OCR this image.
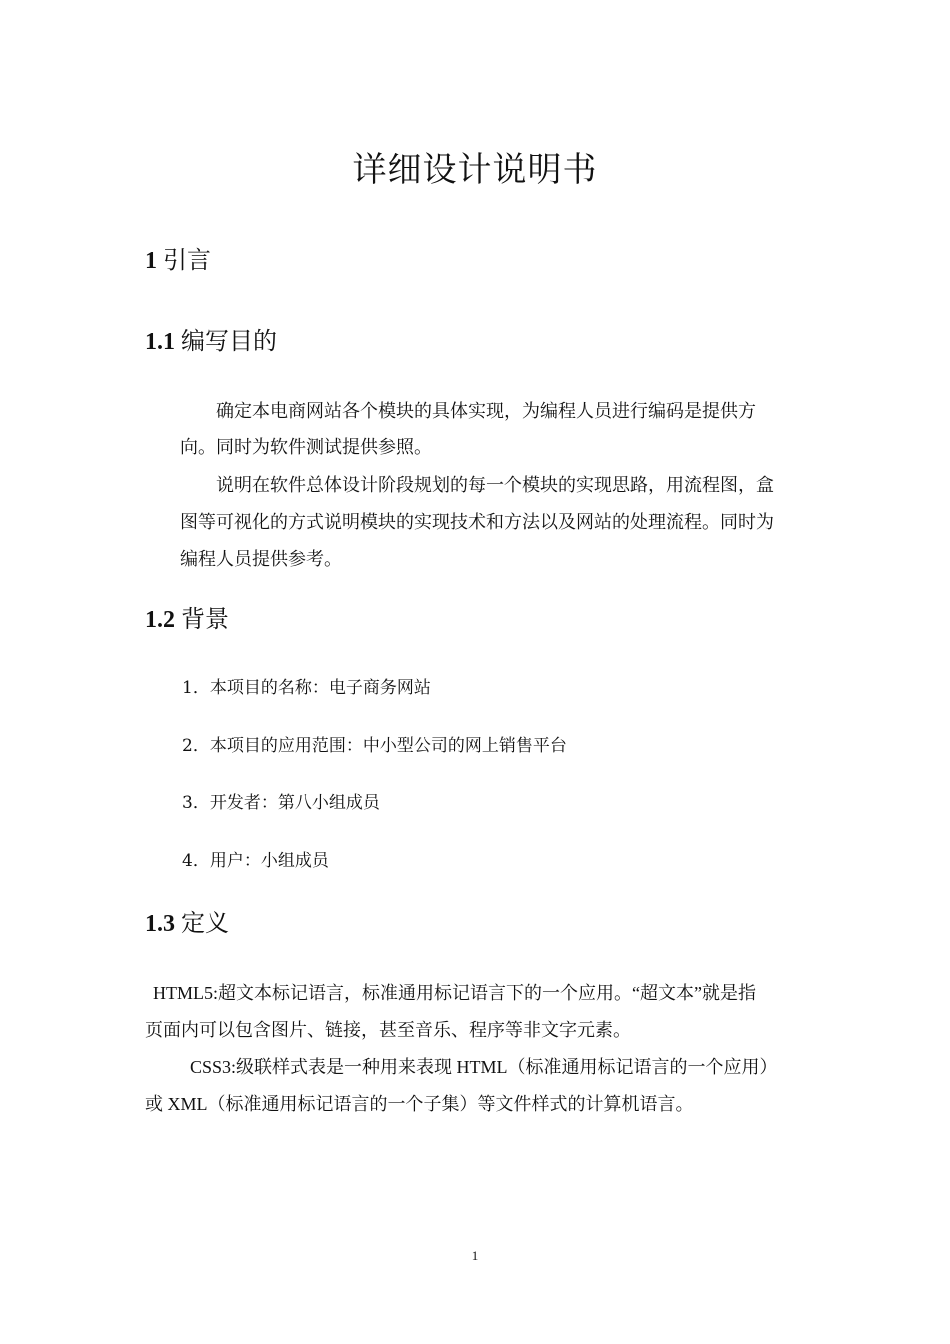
详细设计说明书
1 引言
1.1 编写目的
确定本电商网站各个模块的具体实现，为编程人员进行编码是提供方
向。同时为软件测试提供参照。
说明在软件总体设计阶段规划的每一个模块的实现思路，用流程图，盒
图等可视化的方式说明模块的实现技术和方法以及网站的处理流程。同时为
编程人员提供参考。
1.2 背景
1．本项目的名称：电子商务网站
2．本项目的应用范围：中小型公司的网上销售平台
3．开发者：第八小组成员
4．用户：小组成员
1.3 定义
HTML5:超文本标记语言，标准通用标记语言下的一个应用。“超文本”就是指
页面内可以包含图片、链接，甚至音乐、程序等非文字元素。
CSS3:级联样式表是一种用来表现 HTML（标准通用标记语言的一个应用）
或 XML（标准通用标记语言的一个子集）等文件样式的计算机语言。
1
